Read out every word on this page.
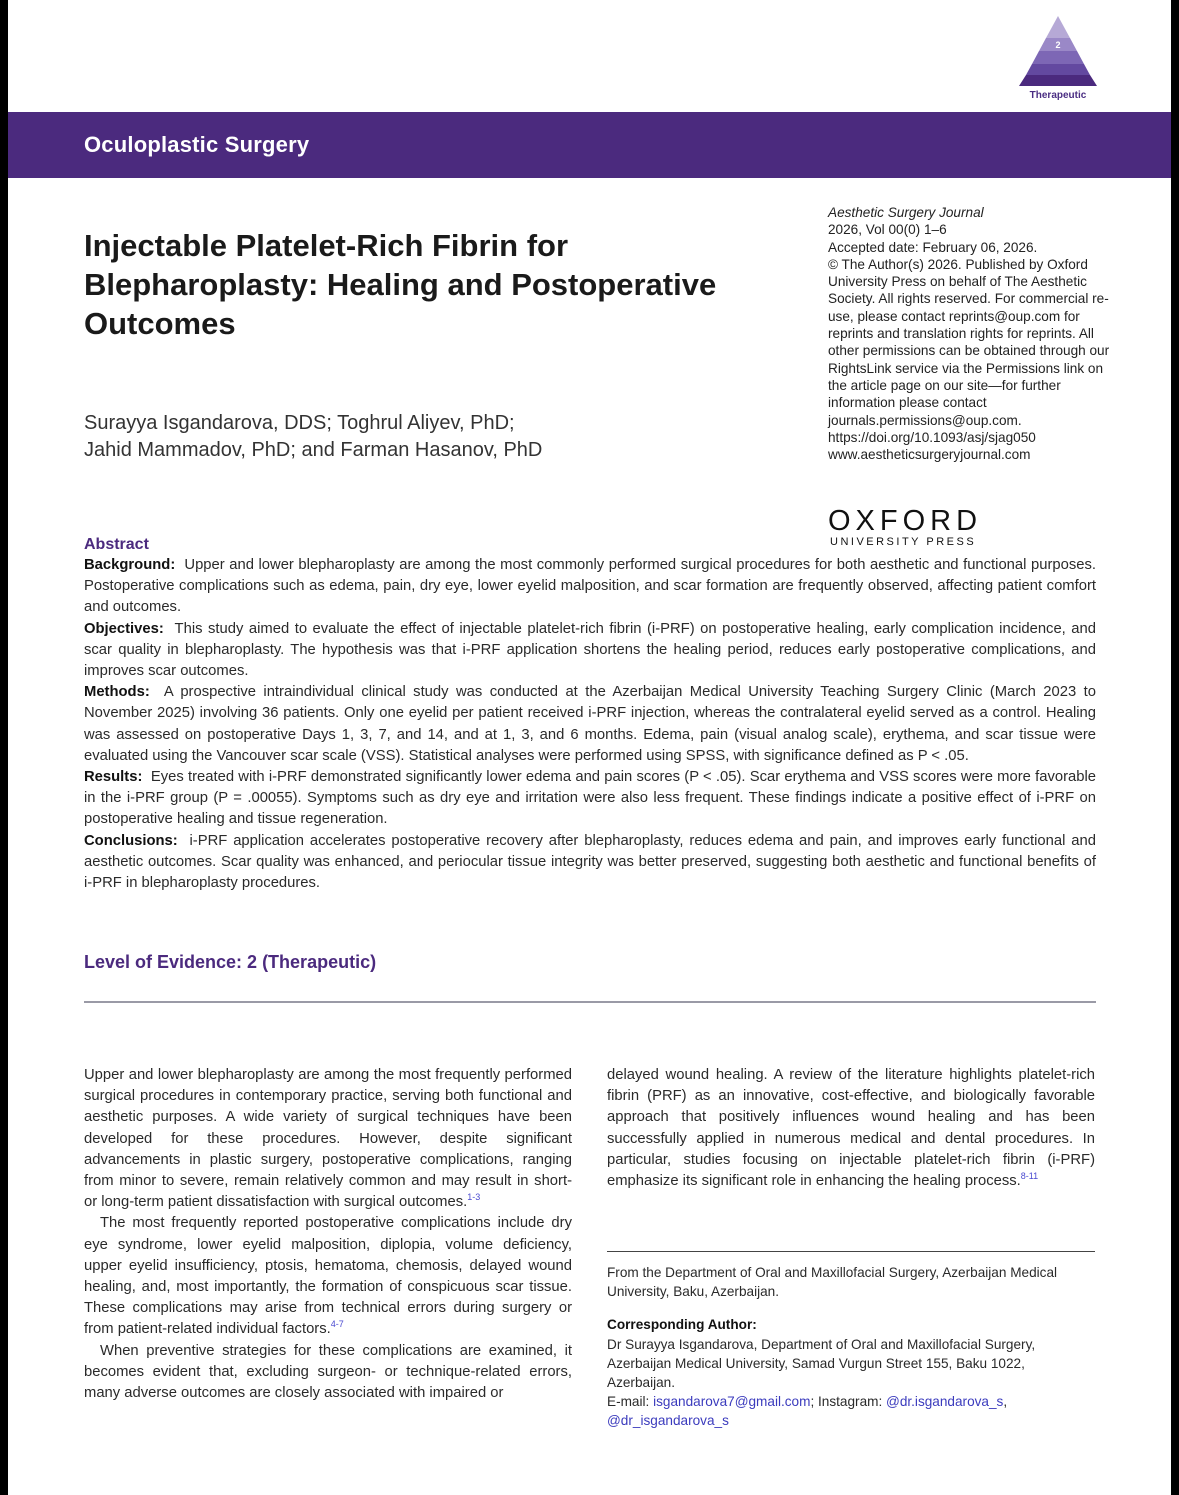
2
Therapeutic
Oculoplastic Surgery
Injectable Platelet-Rich Fibrin for Blepharoplasty: Healing and Postoperative Outcomes
Surayya Isgandarova, DDS; Toghrul Aliyev, PhD;
Jahid Mammadov, PhD; and Farman Hasanov, PhD
Aesthetic Surgery Journal
2026, Vol 00(0) 1–6
Accepted date: February 06, 2026.
© The Author(s) 2026. Published by Oxford University Press on behalf of The Aesthetic Society. All rights reserved. For commercial re-use, please contact reprints@oup.com for reprints and translation rights for reprints. All other permissions can be obtained through our RightsLink service via the Permissions link on the article page on our site—for further information please contact journals.permissions@oup.com.
https://doi.org/10.1093/asj/sjag050
www.aestheticsurgeryjournal.com
OXFORD
UNIVERSITY PRESS
Abstract

Background: Upper and lower blepharoplasty are among the most commonly performed surgical procedures for both aesthetic and functional purposes. Postoperative complications such as edema, pain, dry eye, lower eyelid malposition, and scar formation are frequently observed, affecting patient comfort and outcomes.

Objectives: This study aimed to evaluate the effect of injectable platelet-rich fibrin (i-PRF) on postoperative healing, early complication incidence, and scar quality in blepharoplasty. The hypothesis was that i-PRF application shortens the healing period, reduces early postoperative complications, and improves scar outcomes.

Methods: A prospective intraindividual clinical study was conducted at the Azerbaijan Medical University Teaching Surgery Clinic (March 2023 to November 2025) involving 36 patients. Only one eyelid per patient received i-PRF injection, whereas the contralateral eyelid served as a control. Healing was assessed on postoperative Days 1, 3, 7, and 14, and at 1, 3, and 6 months. Edema, pain (visual analog scale), erythema, and scar tissue were evaluated using the Vancouver scar scale (VSS). Statistical analyses were performed using SPSS, with significance defined as P < .05.

Results: Eyes treated with i-PRF demonstrated significantly lower edema and pain scores (P < .05). Scar erythema and VSS scores were more favorable in the i-PRF group (P = .00055). Symptoms such as dry eye and irritation were also less frequent. These findings indicate a positive effect of i-PRF on postoperative healing and tissue regeneration.

Conclusions: i-PRF application accelerates postoperative recovery after blepharoplasty, reduces edema and pain, and improves early functional and aesthetic outcomes. Scar quality was enhanced, and periocular tissue integrity was better preserved, suggesting both aesthetic and functional benefits of i-PRF in blepharoplasty procedures.

Level of Evidence: 2 (Therapeutic)

Upper and lower blepharoplasty are among the most frequently performed surgical procedures in contemporary practice, serving both functional and aesthetic purposes. A wide variety of surgical techniques have been developed for these procedures. However, despite significant advancements in plastic surgery, postoperative complications, ranging from minor to severe, remain relatively common and may result in short- or long-term patient dissatisfaction with surgical outcomes.$^{1-3}$

The most frequently reported postoperative complications include dry eye syndrome, lower eyelid malposition, diplopia, volume deficiency, upper eyelid insufficiency, ptosis, hematoma, chemosis, delayed wound healing, and, most importantly, the formation of conspicuous scar tissue. These complications may arise from technical errors during surgery or from patient-related individual factors.$^{4-7}$

When preventive strategies for these complications are examined, it becomes evident that, excluding surgeon- or technique-related errors, many adverse outcomes are closely associated with impaired or

delayed wound healing. A review of the literature highlights platelet-rich fibrin (PRF) as an innovative, cost-effective, and biologically favorable approach that positively influences wound healing and has been successfully applied in numerous medical and dental procedures. In particular, studies focusing on injectable platelet-rich fibrin (i-PRF) emphasize its significant role in enhancing the healing process.$^{8-11}$

From the Department of Oral and Maxillofacial Surgery, Azerbaijan Medical University, Baku, Azerbaijan.

Corresponding Author:

Dr Surayya Isgandarova, Department of Oral and Maxillofacial Surgery, Azerbaijan Medical University, Samad Vurgun Street 155, Baku 1022, Azerbaijan.

E-mail: isgandarova7@gmail.com; Instagram: @dr.isgandarova_s,
@dr_isgandarova_s
